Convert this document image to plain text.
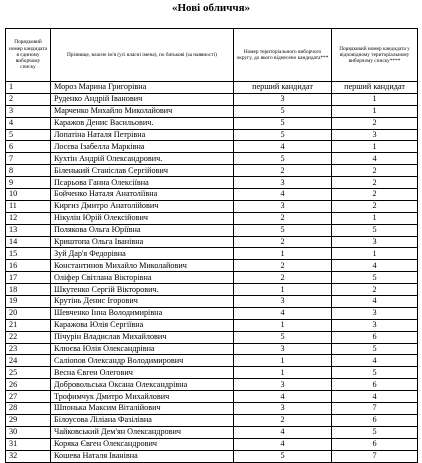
«Нові обличчя»
Порядковий номер кандидата в єдиному виборчому списку	Прізвище, власне ім'я (усі власні імена), по батькові (за наявності)	Номер територіального виборчого округу, до якого віднесено кандидата***	Порядковий номер кандидата у відповідному територіальному виборчому списку****
1	Мороз Марина Григорівна	перший кандидат	перший кандидат
2	Руденко Андрій Іванович	3	1
3	Марченко Михайло Миколайович	5	1
4	Каражов Денис Васильович.	5	2
5	Лопатіна Наталя Петрівна	5	3
6	Лосєва Ізабелла Марківна	4	1
7	Кухтін Андрій Олександрович.	5	4
8	Біленький Станіслав Сергійович	2	2
9	Псарьова Ганна Олексіївна	3	2
10	Бойченко Наталя Анатоліївна	4	2
11	Киргиз Дмитро Анатолійович	3	2
12	Нікулін Юрій Олексійович	2	1
13	Полякова Ольга Юріївна	5	5
14	Криштопа Ольга Іванівна	2	3
15	Зуй Дар'я Федорівна	1	1
16	Константинов Михайло Миколайович	2	4
17	Оліфер Світлана Вікторівна	2	5
18	Шкутенко Сергій Вікторович.	1	2
19	Крутінь Денис Ігорович	3	4
20	Шевченко Інна Володимирівна	4	3
21	Каражова Юлія Сергіївна	1	3
22	Пічурін Владислав Михайлович	5	6
23	Клюєва Юлія Олександрівна	3	5
24	Салionов Олександр Володимирович	1	4
25	Весна Євген Олегович	1	5
26	Добровольська Оксана Олександрівна	3	6
27	Трофимчук Дмитро Михайлович	4	4
28	Шпонька Максим Віталійович	3	7
29	Білоусова Ліліана Фазілівна	2	6
30	Чайковський Дем'ян Олександрович	4	5
31	Коряка Євген Олександрович	4	6
32	Кошева Наталя Іванівна	5	7
